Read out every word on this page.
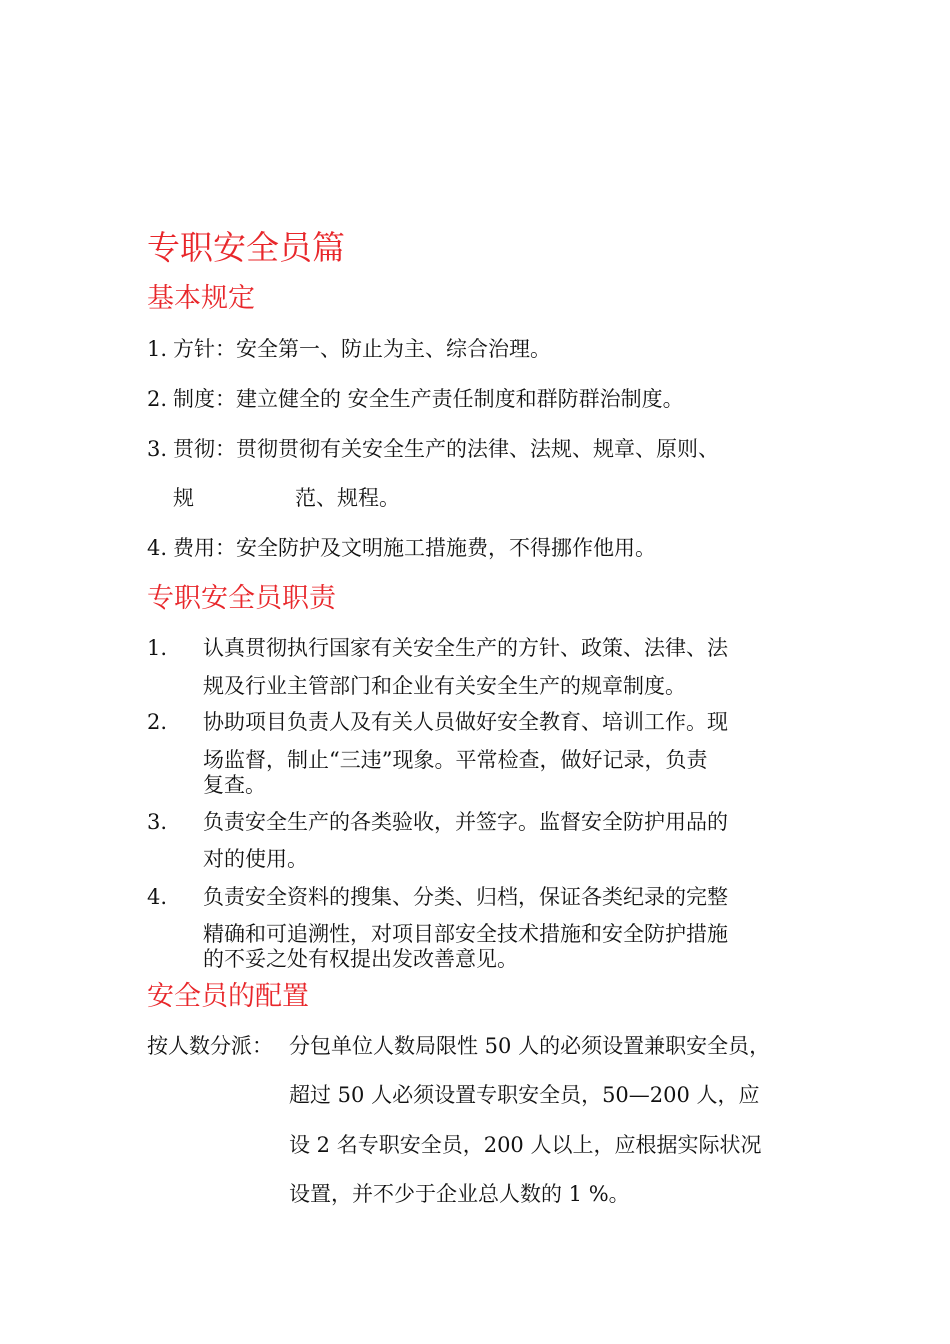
专职安全员篇
基本规定
1. 方针：安全第一、防止为主、综合治理。
2. 制度：建立健全的 安全生产责任制度和群防群治制度。
3. 贯彻：贯彻贯彻有关安全生产的法律、法规、规章、原则、
规	范、规程。
4. 费用：安全防护及文明施工措施费，不得挪作他用。
专职安全员职责
1. 认真贯彻执行国家有关安全生产的方针、政策、法律、法
规及行业主管部门和企业有关安全生产的规章制度。
2. 协助项目负责人及有关人员做好安全教育、培训工作。现
场监督，制止“三违”现象。平常检查，做好记录，负责
复查。
3. 负责安全生产的各类验收，并签字。监督安全防护用品的
对的使用。
4. 负责安全资料的搜集、分类、归档，保证各类纪录的完整
精确和可追溯性，对项目部安全技术措施和安全防护措施
的不妥之处有权提出发改善意见。
安全员的配置
按人数分派： 分包单位人数局限性 50 人的必须设置兼职安全员，
超过 50 人必须设置专职安全员，50—200 人，应
设 2 名专职安全员，200 人以上，应根据实际状况
设置，并不少于企业总人数的 1 %。
